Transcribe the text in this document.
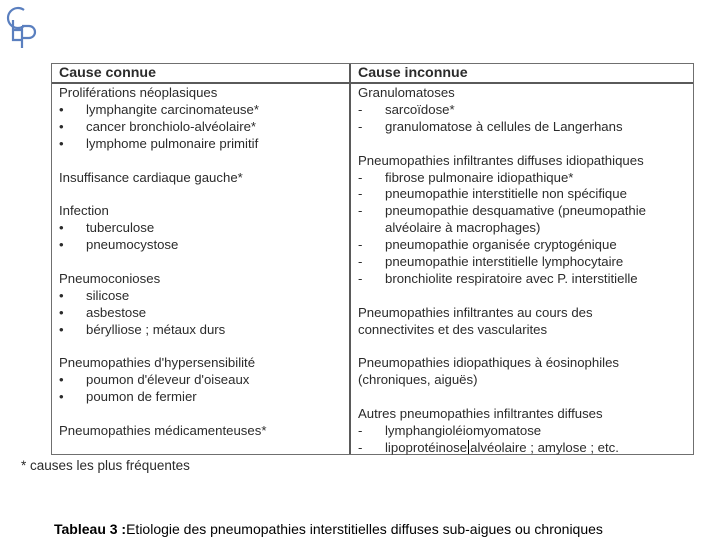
Cause connue
Proliférations néoplasiques
• lymphangite carcinomateuse*
• cancer bronchiolo-alvéolaire*
• lymphome pulmonaire primitif
Insuffisance cardiaque gauche*
Infection
• tuberculose
• pneumocystose
Pneumoconioses
• silicose
• asbestose
• bérylliose ; métaux durs
Pneumopathies d'hypersensibilité
• poumon d'éleveur d'oiseaux
• poumon de fermier
Pneumopathies médicamenteuses*
Cause inconnue
Granulomatoses
- sarcoïdose*
- granulomatose à cellules de Langerhans
Pneumopathies infiltrantes diffuses idiopathiques
- fibrose pulmonaire idiopathique*
- pneumopathie interstitielle non spécifique
- pneumopathie desquamative (pneumopathie
alvéolaire à macrophages)
- pneumopathie organisée cryptogénique
- pneumopathie interstitielle lymphocytaire
- bronchiolite respiratoire avec P. interstitielle
Pneumopathies infiltrantes au cours des
connectivites et des vascularites
Pneumopathies idiopathiques à éosinophiles
(chroniques, aiguës)
Autres pneumopathies infiltrantes diffuses
- lymphangioléiomyomatose
- lipoprotéinose alvéolaire ; amylose ; etc.
* causes les plus fréquentes
Tableau 3 :Etiologie des pneumopathies interstitielles diffuses sub-aigues ou chroniques
